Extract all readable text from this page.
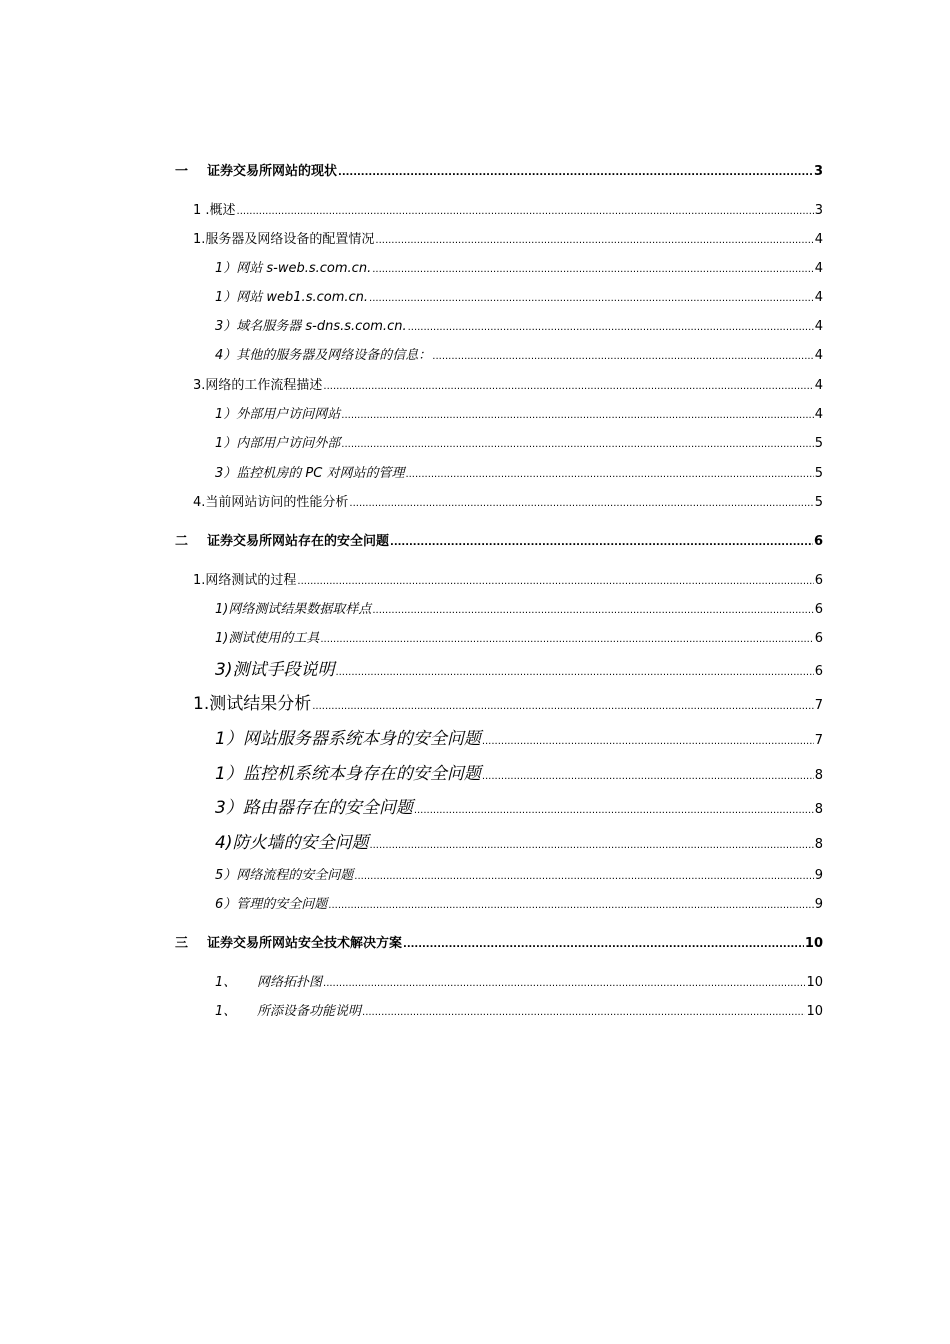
一	证券交易所网站的现状 .....	3
1 .概述 .....	3
1.服务器及网络设备的配置情况 .....	4
1）网站 s-web.s.com.cn. .....	4
1）网站 web1.s.com.cn. .....	4
3）域名服务器 s-dns.s.com.cn. .....	4
4）其他的服务器及网络设备的信息： .....	4
3.网络的工作流程描述 .....	4
1）外部用户访问网站 .....	4
1）内部用户访问外部 .....	5
3）监控机房的 PC 对网站的管理 .....	5
4.当前网站访问的性能分析 .....	5
二	证券交易所网站存在的安全问题 .....	6
1.网络测试的过程 .....	6
1)网络测试结果数据取样点 .....	6
1)测试使用的工具 .....	6
3)测试手段说明 .....	6
1.测试结果分析 .....	7
1）网站服务器系统本身的安全问题 .....	7
1）监控机系统本身存在的安全问题 .....	8
3）路由器存在的安全问题 .....	8
4)防火墙的安全问题 .....	8
5）网络流程的安全问题 .....	9
6）管理的安全问题 .....	9
三	证券交易所网站安全技术解决方案 .....	10
1、	网络拓扑图 .....	10
1、	所添设备功能说明 .....	10
